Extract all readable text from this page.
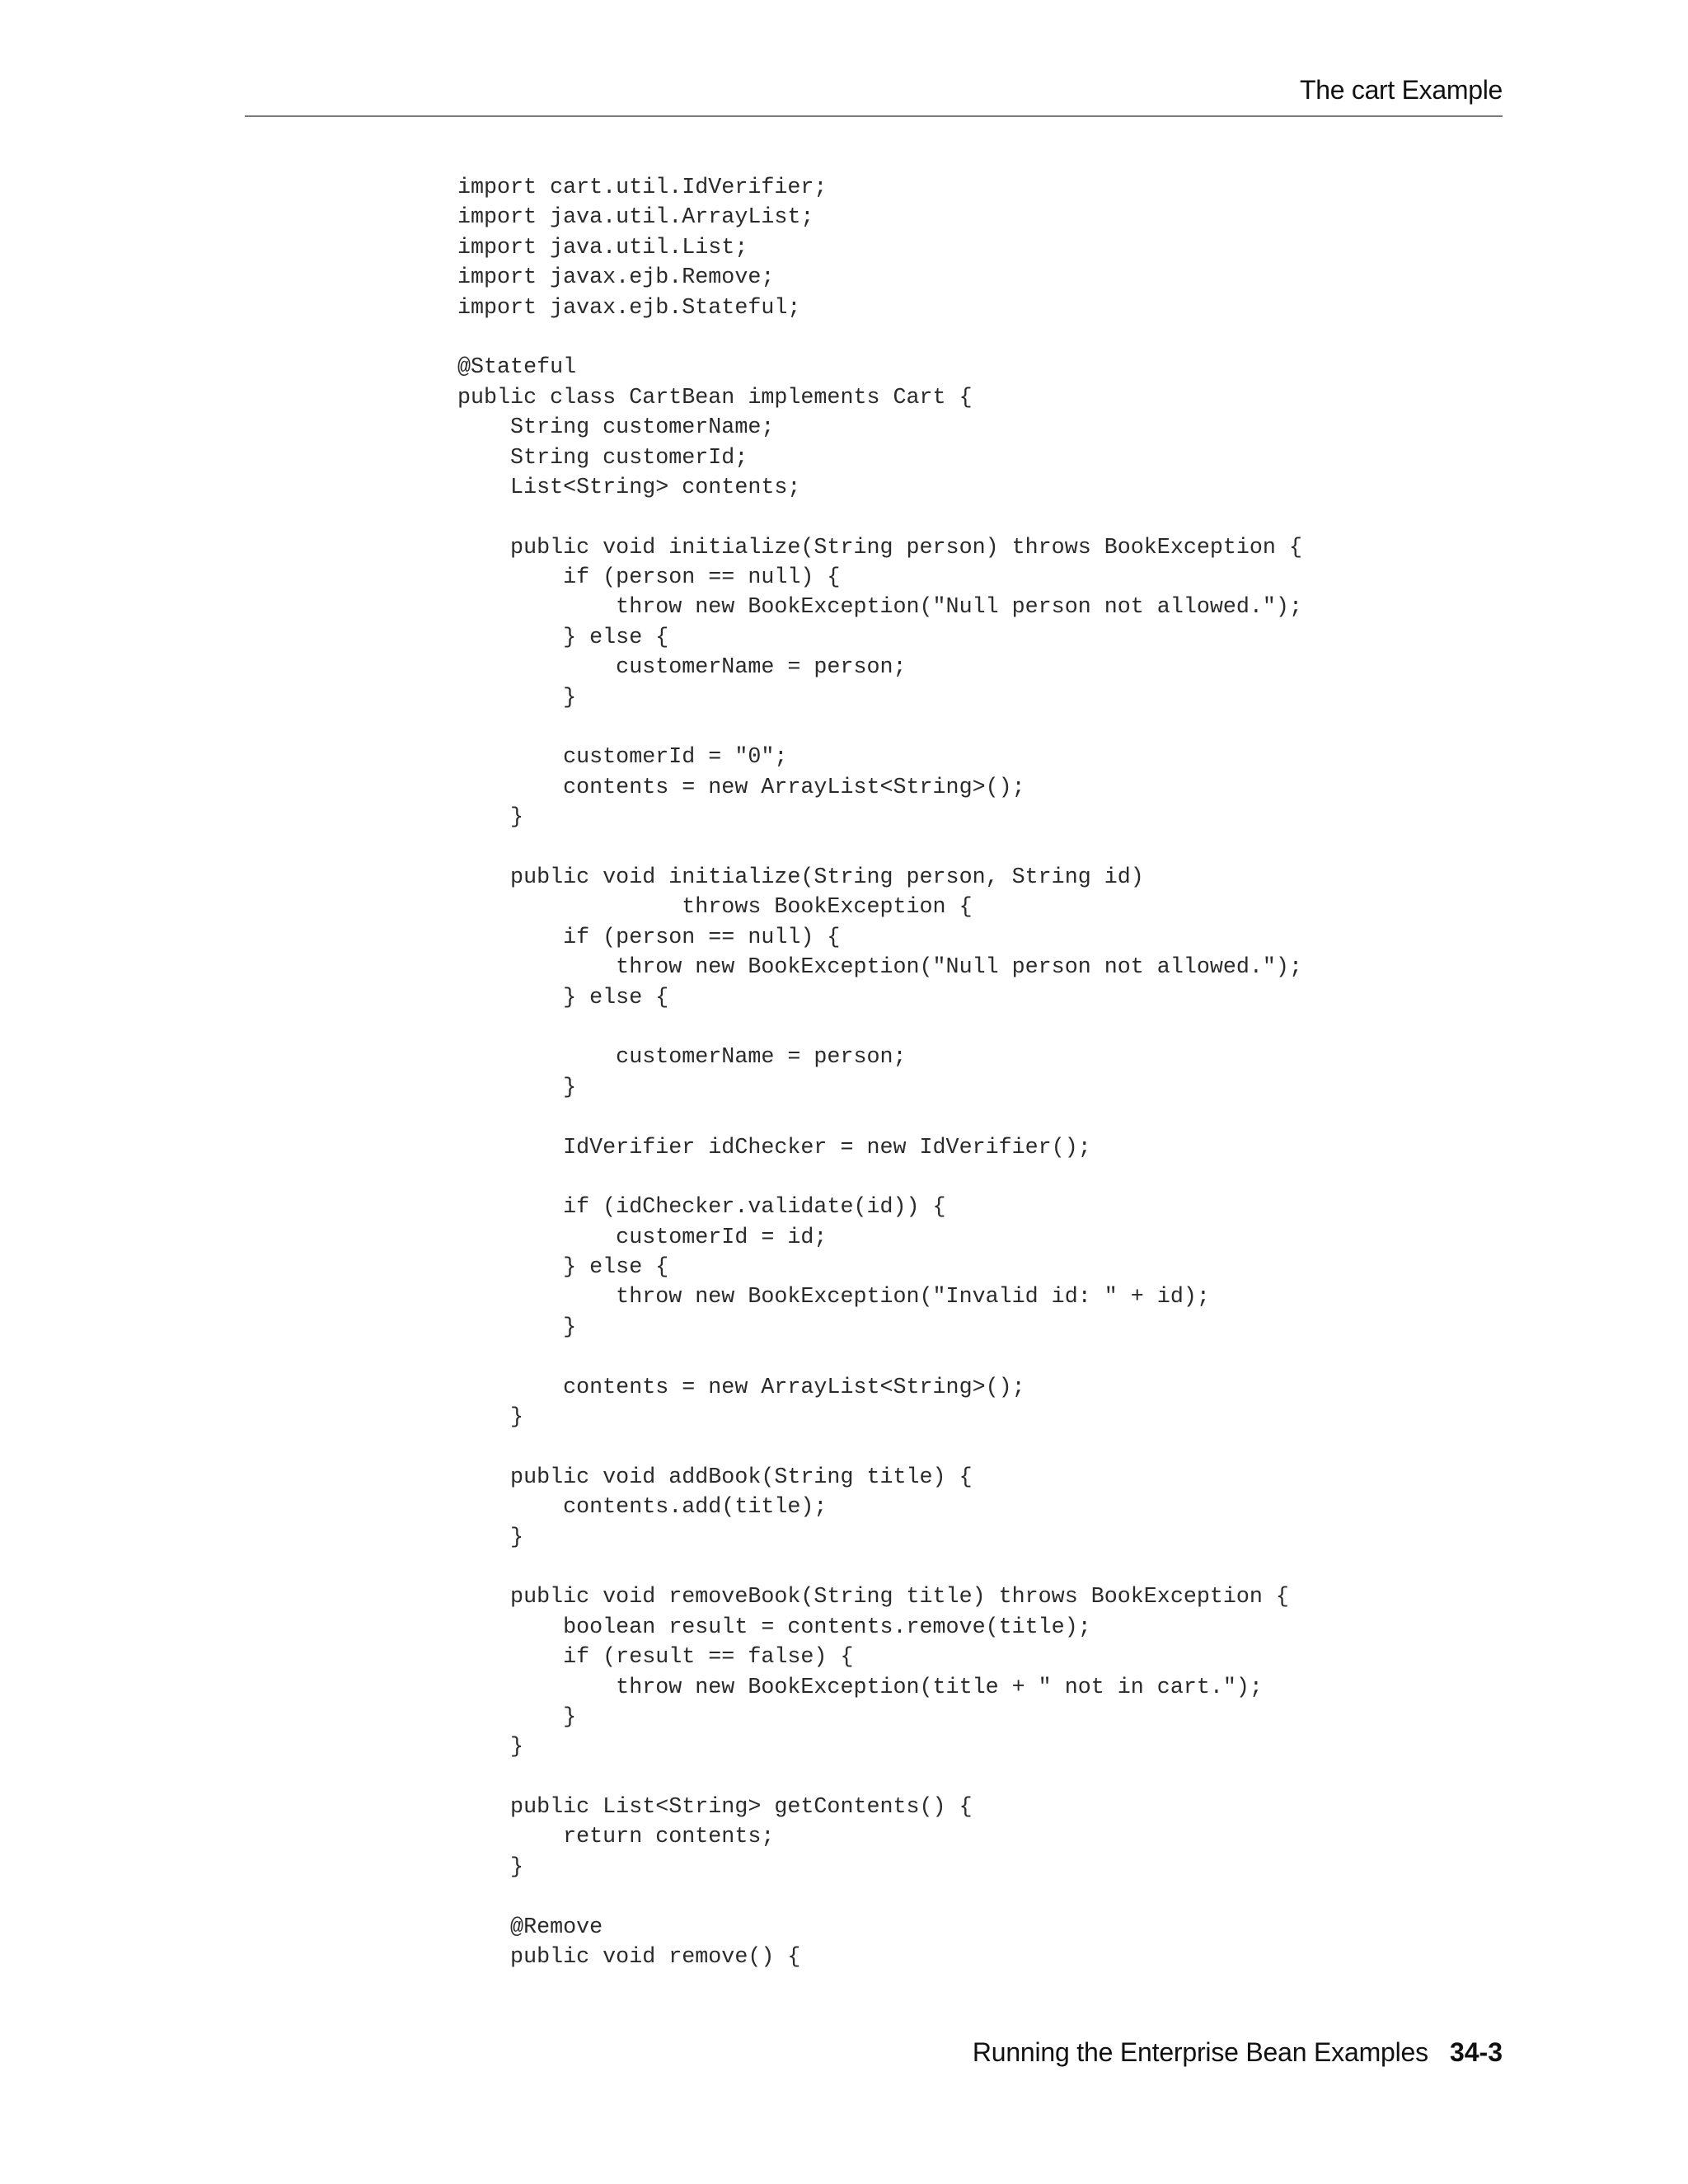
The cart Example
import cart.util.IdVerifier;
import java.util.ArrayList;
import java.util.List;
import javax.ejb.Remove;
import javax.ejb.Stateful;
@Stateful
public class CartBean implements Cart {
String customerName;
String customerId;
List<String> contents;
public void initialize(String person) throws BookException {
if (person == null) {
throw new BookException("Null person not allowed.");
} else {
customerName = person;
}
customerId = "0";
contents = new ArrayList<String>();
}
public void initialize(String person, String id)
throws BookException {
if (person == null) {
throw new BookException("Null person not allowed.");
} else {
customerName = person;
}
IdVerifier idChecker = new IdVerifier();
if (idChecker.validate(id)) {
customerId = id;
} else {
throw new BookException("Invalid id: " + id);
}
contents = new ArrayList<String>();
}
public void addBook(String title) {
contents.add(title);
}
public void removeBook(String title) throws BookException {
boolean result = contents.remove(title);
if (result == false) {
throw new BookException(title + " not in cart.");
}
}
public List<String> getContents() {
return contents;
}
@Remove
public void remove() {
Running the Enterprise Bean Examples 34-3
